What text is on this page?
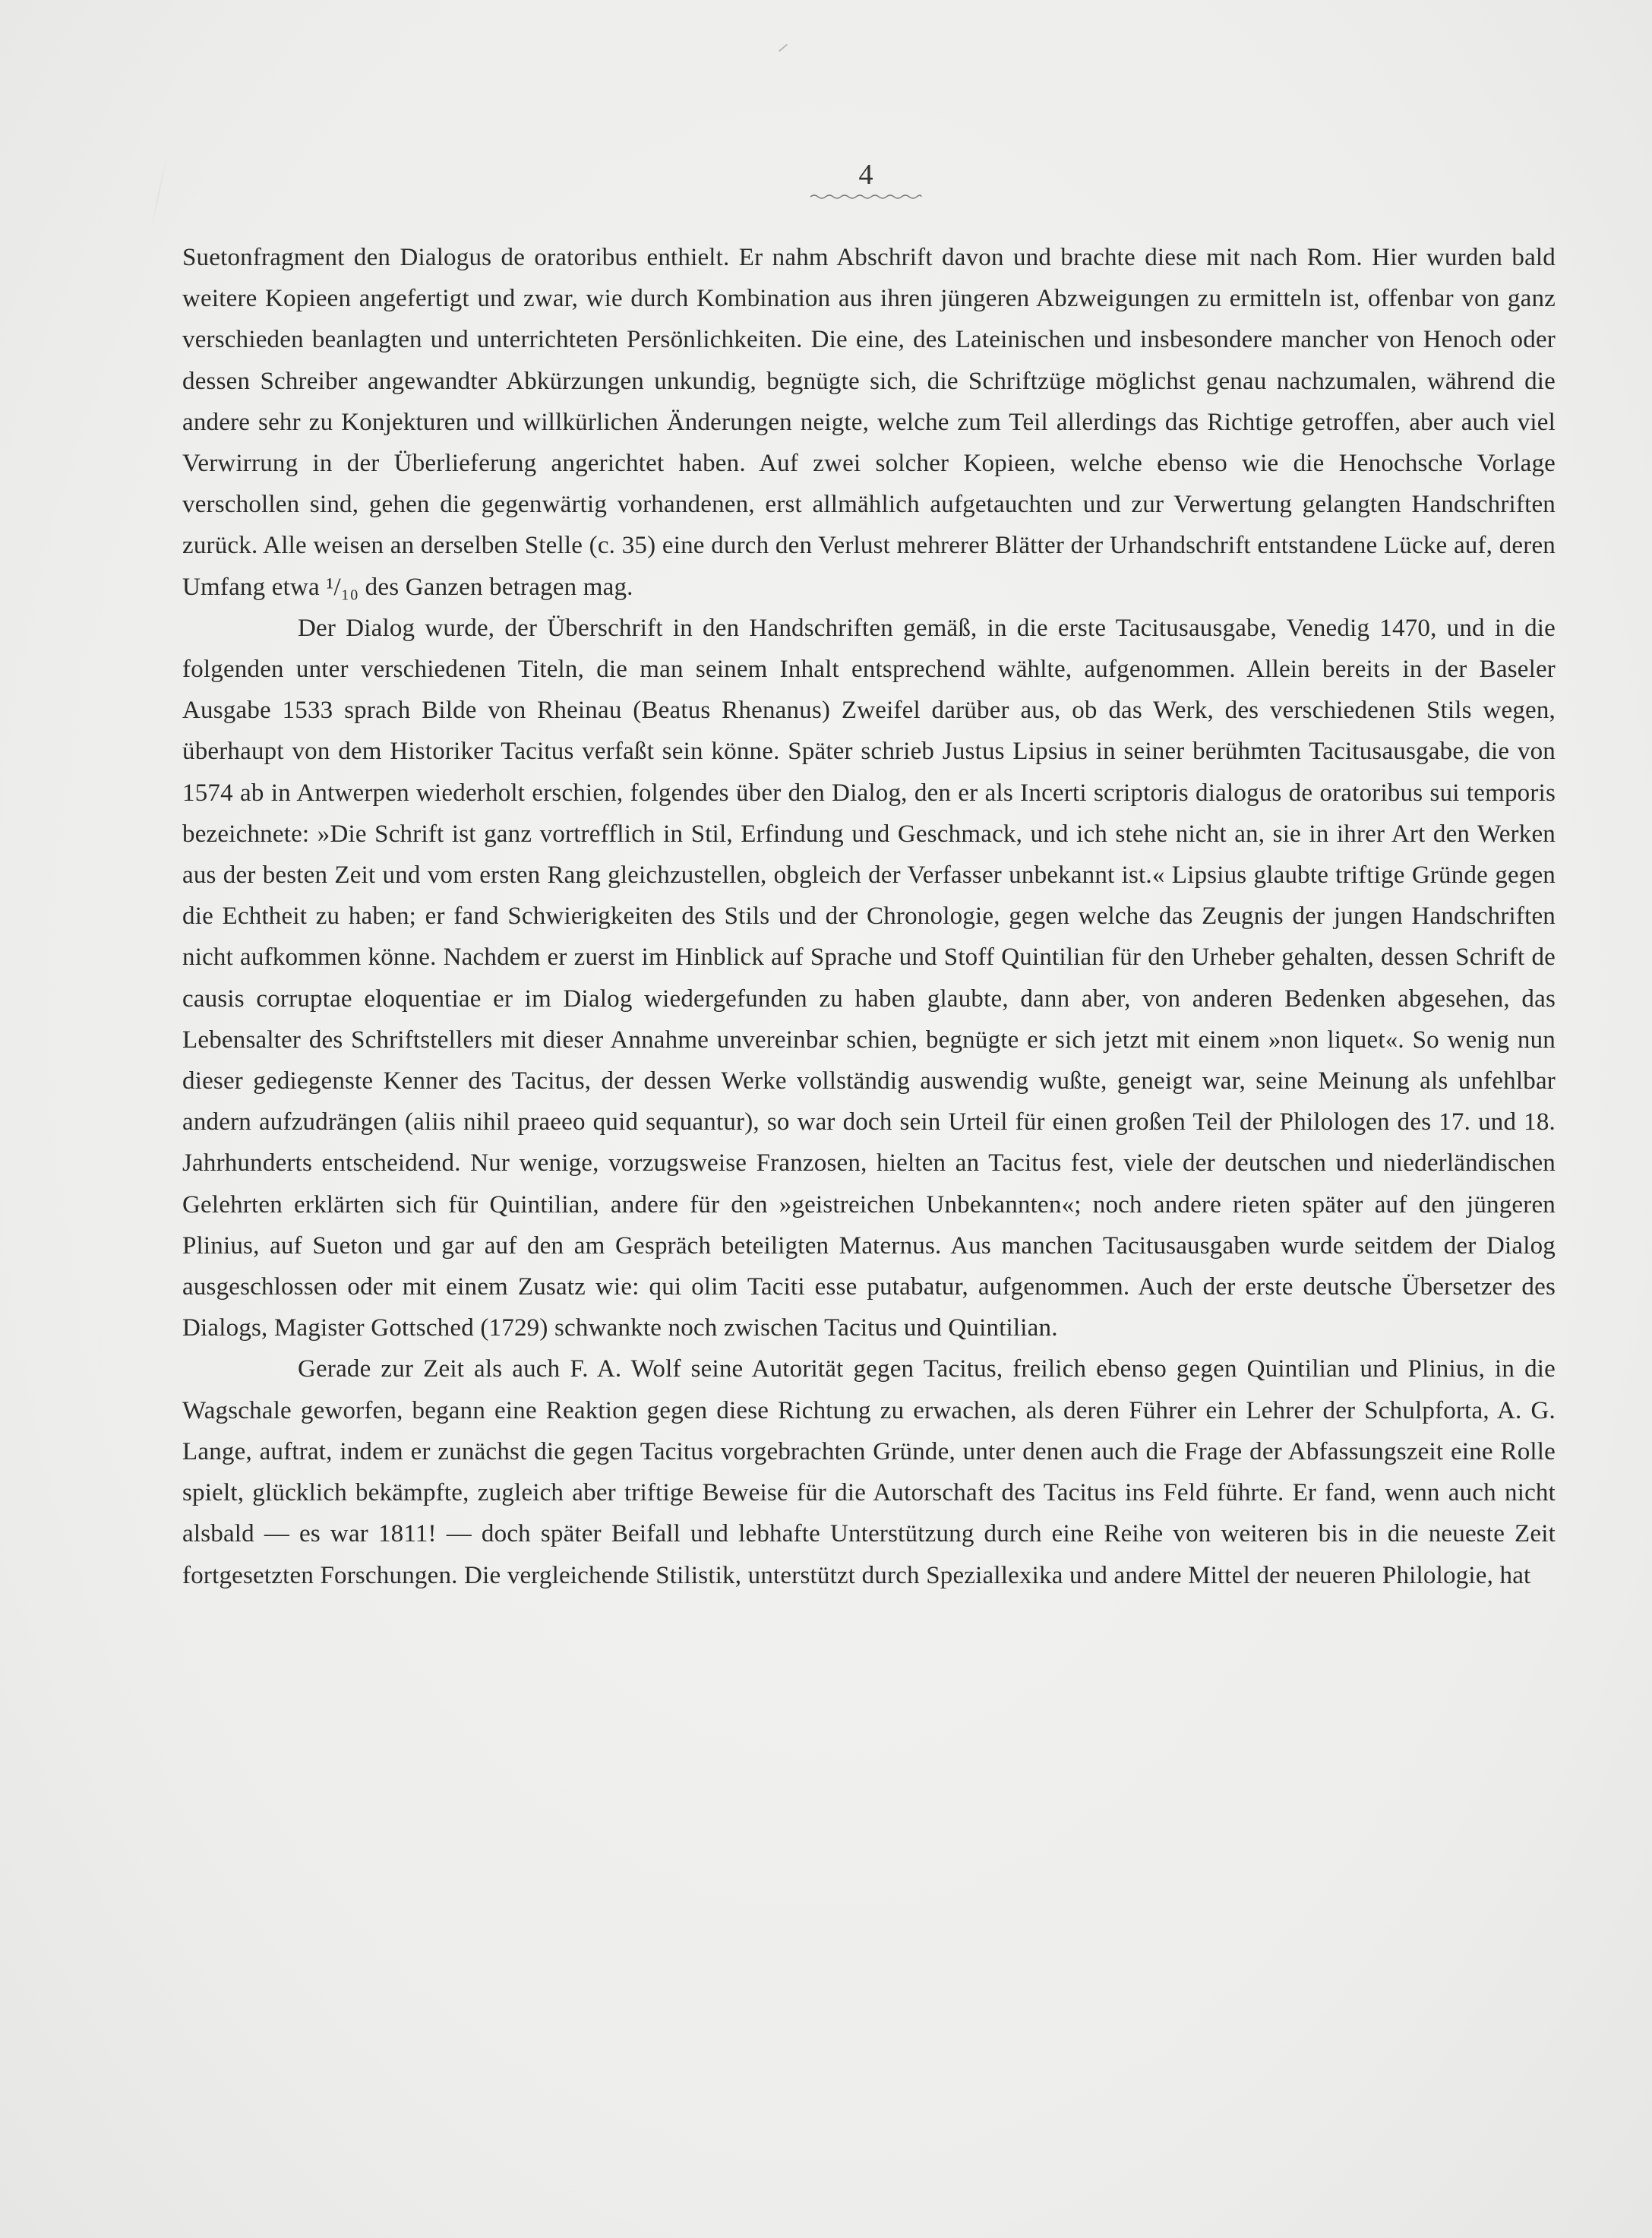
4

Suetonfragment den Dialogus de oratoribus enthielt. Er nahm Abschrift davon und brachte diese mit nach Rom. Hier wurden bald weitere Kopieen angefertigt und zwar, wie durch Kombination aus ihren jüngeren Abzweigungen zu ermitteln ist, offenbar von ganz verschieden beanlagten und unterrichteten Persönlichkeiten. Die eine, des Lateinischen und insbesondere mancher von Henoch oder dessen Schreiber angewandter Abkürzungen unkundig, begnügte sich, die Schriftzüge möglichst genau nachzumalen, während die andere sehr zu Konjekturen und willkürlichen Änderungen neigte, welche zum Teil allerdings das Richtige getroffen, aber auch viel Verwirrung in der Überlieferung angerichtet haben. Auf zwei solcher Kopieen, welche ebenso wie die Henochsche Vorlage verschollen sind, gehen die gegenwärtig vorhandenen, erst allmählich aufgetauchten und zur Verwertung gelangten Handschriften zurück. Alle weisen an derselben Stelle (c. 35) eine durch den Verlust mehrerer Blätter der Urhandschrift entstandene Lücke auf, deren Umfang etwa ¹/₁₀ des Ganzen betragen mag.

Der Dialog wurde, der Überschrift in den Handschriften gemäß, in die erste Tacitusausgabe, Venedig 1470, und in die folgenden unter verschiedenen Titeln, die man seinem Inhalt entsprechend wählte, aufgenommen. Allein bereits in der Baseler Ausgabe 1533 sprach Bilde von Rheinau (Beatus Rhenanus) Zweifel darüber aus, ob das Werk, des verschiedenen Stils wegen, überhaupt von dem Historiker Tacitus verfaßt sein könne. Später schrieb Justus Lipsius in seiner berühmten Tacitusausgabe, die von 1574 ab in Antwerpen wiederholt erschien, folgendes über den Dialog, den er als Incerti scriptoris dialogus de oratoribus sui temporis bezeichnete: »Die Schrift ist ganz vortrefflich in Stil, Erfindung und Geschmack, und ich stehe nicht an, sie in ihrer Art den Werken aus der besten Zeit und vom ersten Rang gleichzustellen, obgleich der Verfasser unbekannt ist.« Lipsius glaubte triftige Gründe gegen die Echtheit zu haben; er fand Schwierigkeiten des Stils und der Chronologie, gegen welche das Zeugnis der jungen Handschriften nicht aufkommen könne. Nachdem er zuerst im Hinblick auf Sprache und Stoff Quintilian für den Urheber gehalten, dessen Schrift de causis corruptae eloquentiae er im Dialog wiedergefunden zu haben glaubte, dann aber, von anderen Bedenken abgesehen, das Lebensalter des Schriftstellers mit dieser Annahme unvereinbar schien, begnügte er sich jetzt mit einem »non liquet«. So wenig nun dieser gediegenste Kenner des Tacitus, der dessen Werke vollständig auswendig wußte, geneigt war, seine Meinung als unfehlbar andern aufzudrängen (aliis nihil praeeo quid sequantur), so war doch sein Urteil für einen großen Teil der Philologen des 17. und 18. Jahrhunderts entscheidend. Nur wenige, vorzugsweise Franzosen, hielten an Tacitus fest, viele der deutschen und niederländischen Gelehrten erklärten sich für Quintilian, andere für den »geistreichen Unbekannten«; noch andere rieten später auf den jüngeren Plinius, auf Sueton und gar auf den am Gespräch beteiligten Maternus. Aus manchen Tacitusausgaben wurde seitdem der Dialog ausgeschlossen oder mit einem Zusatz wie: qui olim Taciti esse putabatur, aufgenommen. Auch der erste deutsche Übersetzer des Dialogs, Magister Gottsched (1729) schwankte noch zwischen Tacitus und Quintilian.

Gerade zur Zeit als auch F. A. Wolf seine Autorität gegen Tacitus, freilich ebenso gegen Quintilian und Plinius, in die Wagschale geworfen, begann eine Reaktion gegen diese Richtung zu erwachen, als deren Führer ein Lehrer der Schulpforta, A. G. Lange, auftrat, indem er zunächst die gegen Tacitus vorgebrachten Gründe, unter denen auch die Frage der Abfassungszeit eine Rolle spielt, glücklich bekämpfte, zugleich aber triftige Beweise für die Autorschaft des Tacitus ins Feld führte. Er fand, wenn auch nicht alsbald — es war 1811! — doch später Beifall und lebhafte Unterstützung durch eine Reihe von weiteren bis in die neueste Zeit fortgesetzten Forschungen. Die vergleichende Stilistik, unterstützt durch Speziallexika und andere Mittel der neueren Philologie, hat
